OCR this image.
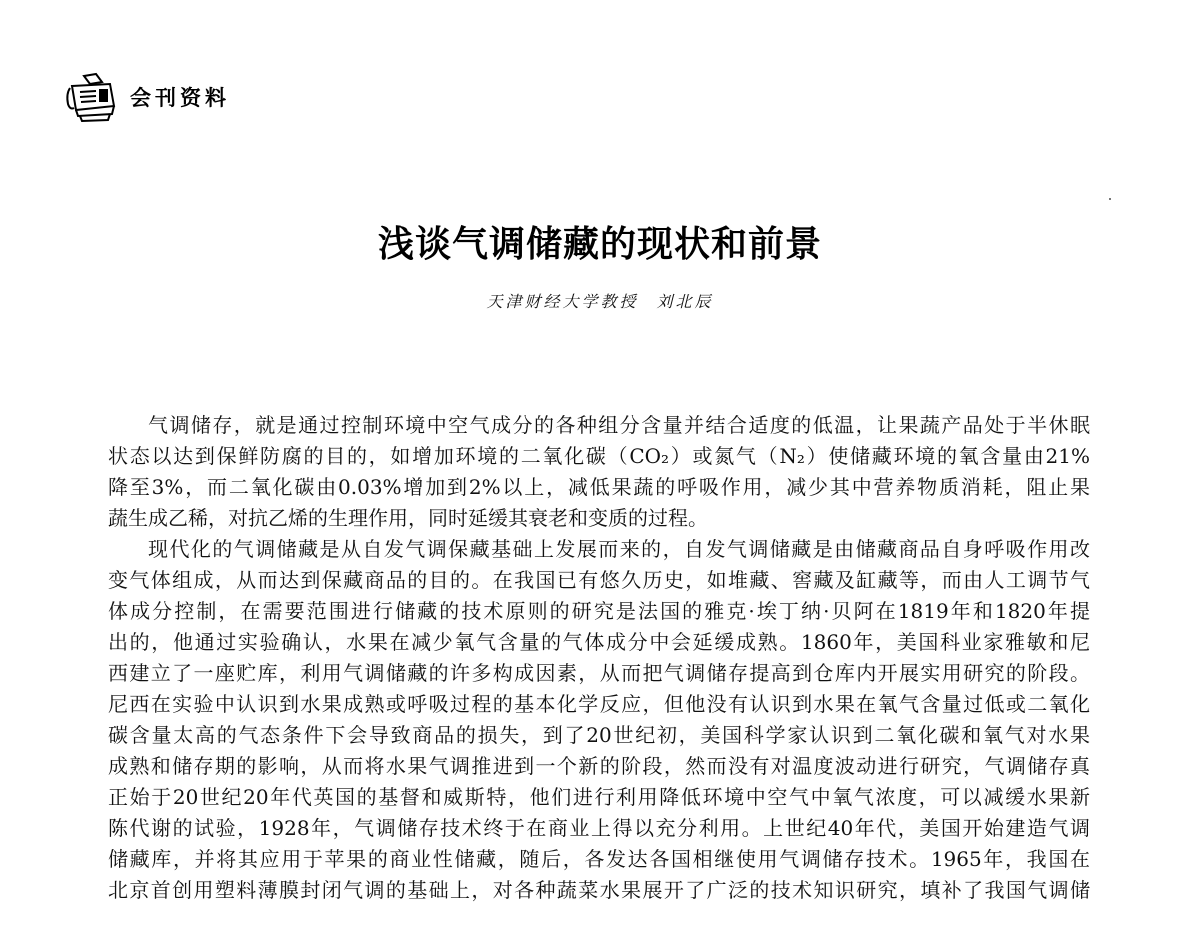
会刊资料
浅谈气调储藏的现状和前景
天津财经大学教授 刘北辰
气调储存，就是通过控制环境中空气成分的各种组分含量并结合适度的低温，让果蔬产品处于半休眠
状态以达到保鲜防腐的目的，如增加环境的二氧化碳（CO₂）或氮气（N₂）使储藏环境的氧含量由21%
降至3%，而二氧化碳由0.03%增加到2%以上，减低果蔬的呼吸作用，减少其中营养物质消耗，阻止果
蔬生成乙稀，对抗乙烯的生理作用，同时延缓其衰老和变质的过程。
现代化的气调储藏是从自发气调保藏基础上发展而来的，自发气调储藏是由储藏商品自身呼吸作用改
变气体组成，从而达到保藏商品的目的。在我国已有悠久历史，如堆藏、窖藏及缸藏等，而由人工调节气
体成分控制，在需要范围进行储藏的技术原则的研究是法国的雅克·埃丁纳·贝阿在1819年和1820年提
出的，他通过实验确认，水果在减少氧气含量的气体成分中会延缓成熟。1860年，美国科业家雅敏和尼
西建立了一座贮库，利用气调储藏的许多构成因素，从而把气调储存提高到仓库内开展实用研究的阶段。
尼西在实验中认识到水果成熟或呼吸过程的基本化学反应，但他没有认识到水果在氧气含量过低或二氧化
碳含量太高的气态条件下会导致商品的损失，到了20世纪初，美国科学家认识到二氧化碳和氧气对水果
成熟和储存期的影响，从而将水果气调推进到一个新的阶段，然而没有对温度波动进行研究，气调储存真
正始于20世纪20年代英国的基督和威斯特，他们进行利用降低环境中空气中氧气浓度，可以减缓水果新
陈代谢的试验，1928年，气调储存技术终于在商业上得以充分利用。上世纪40年代，美国开始建造气调
储藏库，并将其应用于苹果的商业性储藏，随后，各发达各国相继使用气调储存技术。1965年，我国在
北京首创用塑料薄膜封闭气调的基础上，对各种蔬菜水果展开了广泛的技术知识研究，填补了我国气调储
